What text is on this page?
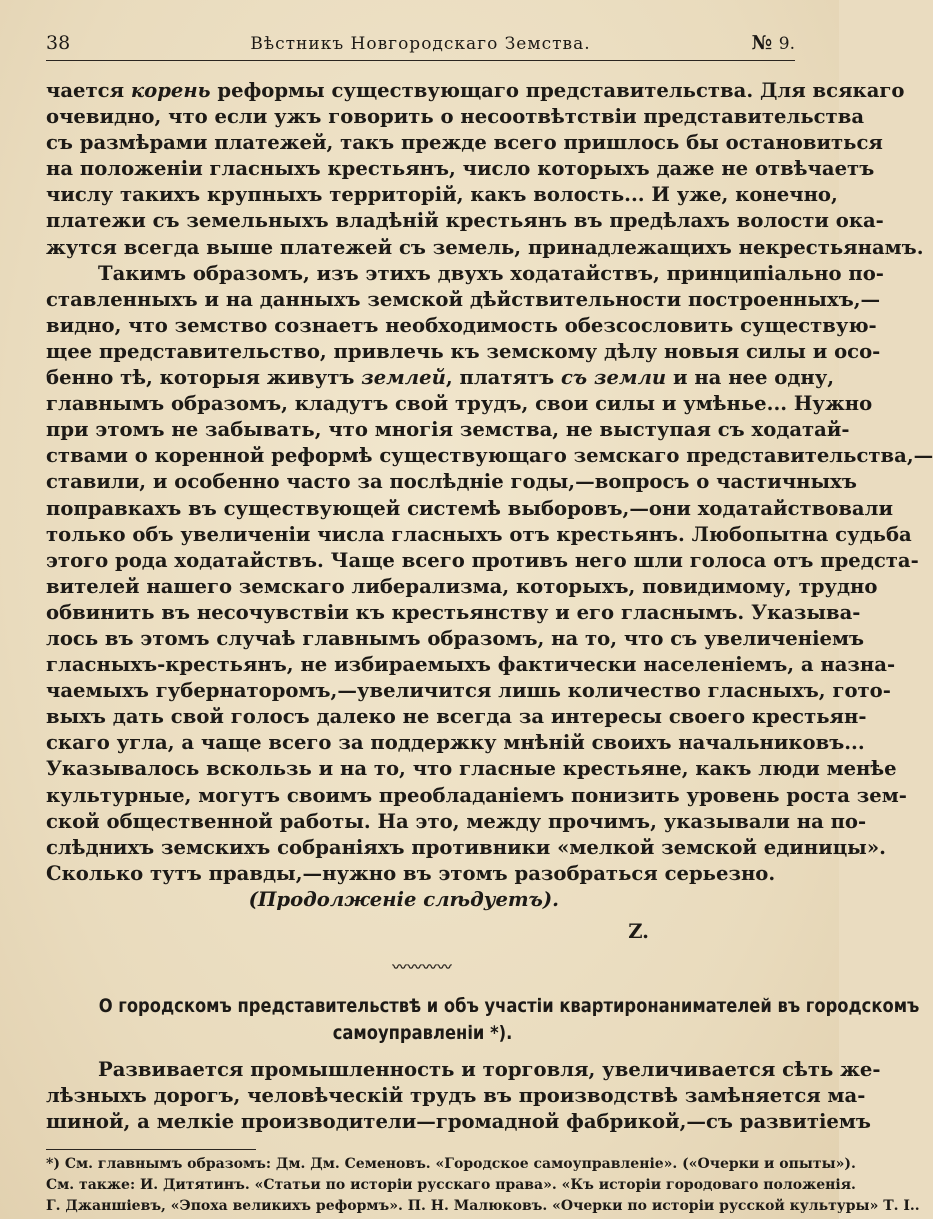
38	Вѣстникъ Новгородскаго Земства.	№ 9.
чается корень реформы существующаго представительства. Для всякаго
очевидно, что если ужъ говорить о несоотвѣтствіи представительства
съ размѣрами платежей, такъ прежде всего пришлось бы остановиться
на положеніи гласныхъ крестьянъ, число которыхъ даже не отвѣчаетъ
числу такихъ крупныхъ территорій, какъ волость... И уже, конечно,
платежи съ земельныхъ владѣній крестьянъ въ предѣлахъ волости ока-
жутся всегда выше платежей съ земель, принадлежащихъ некрестьянамъ.
Такимъ образомъ, изъ этихъ двухъ ходатайствъ, принципіально по-
ставленныхъ и на данныхъ земской дѣйствительности построенныхъ,—
видно, что земство сознаетъ необходимость обезсословить существую-
щее представительство, привлечь къ земскому дѣлу новыя силы и осо-
бенно тѣ, которыя живутъ землей, платятъ съ земли и на нее одну,
главнымъ образомъ, кладутъ свой трудъ, свои силы и умѣнье... Нужно
при этомъ не забывать, что многія земства, не выступая съ ходатай-
ствами о коренной реформѣ существующаго земскаго представительства,—
ставили, и особенно часто за послѣдніе годы,—вопросъ о частичныхъ
поправкахъ въ существующей системѣ выборовъ,—они ходатайствовали
только объ увеличеніи числа гласныхъ отъ крестьянъ. Любопытна судьба
этого рода ходатайствъ. Чаще всего противъ него шли голоса отъ предста-
вителей нашего земскаго либерализма, которыхъ, повидимому, трудно
обвинить въ несочувствіи къ крестьянству и его гласнымъ. Указыва-
лось въ этомъ случаѣ главнымъ образомъ, на то, что съ увеличеніемъ
гласныхъ-крестьянъ, не избираемыхъ фактически населеніемъ, а назна-
чаемыхъ губернаторомъ,—увеличится лишь количество гласныхъ, гото-
выхъ дать свой голосъ далеко не всегда за интересы своего крестьян-
скаго угла, а чаще всего за поддержку мнѣній своихъ начальниковъ...
Указывалось вскользь и на то, что гласные крестьяне, какъ люди менѣе
культурные, могутъ своимъ преобладаніемъ понизить уровень роста зем-
ской общественной работы. На это, между прочимъ, указывали на по-
слѣднихъ земскихъ собраніяхъ противники «мелкой земской единицы».
Сколько тутъ правды,—нужно въ этомъ разобраться серьезно.
(Продолженіе слѣдуетъ).
Z.
〰〰〰〰
О городскомъ представительствѣ и объ участіи квартиронанимателей въ городскомъ
самоуправленіи *).
Развивается промышленность и торговля, увеличивается сѣть же-
лѣзныхъ дорогъ, человѣческій трудъ въ производствѣ замѣняется ма-
шиной, а мелкіе производители—громадной фабрикой,—съ развитіемъ
*) См. главнымъ образомъ: Дм. Дм. Семеновъ. «Городское самоуправленіе». («Очерки и опыты»).
См. также: И. Дитятинъ. «Статьи по исторіи русскаго права». «Къ исторіи городоваго положенія.
Г. Джаншіевъ, «Эпоха великихъ реформъ». П. Н. Малюковъ. «Очерки по исторіи русской культуры» Т. I..
